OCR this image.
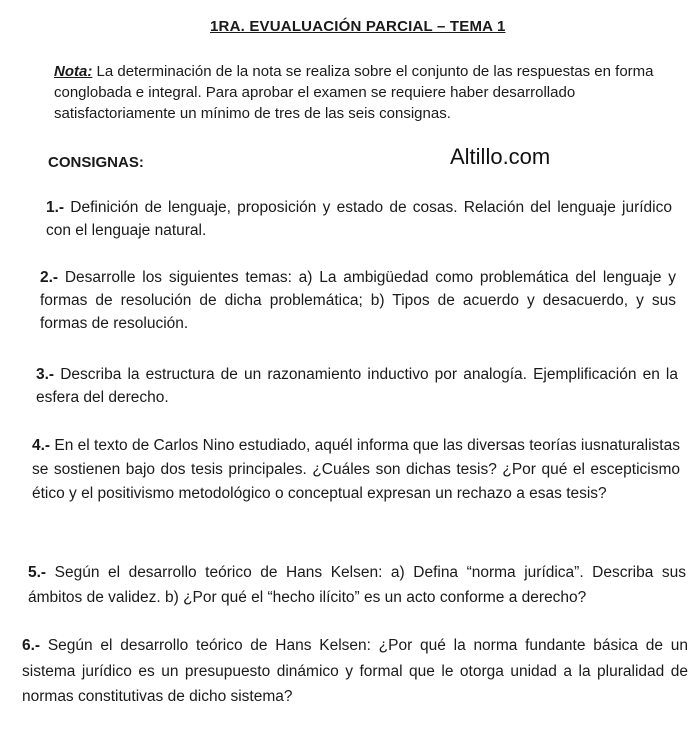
1RA. EVUALUACIÓN PARCIAL – TEMA 1
Nota: La determinación de la nota se realiza sobre el conjunto de las respuestas en forma conglobada e integral. Para aprobar el examen se requiere haber desarrollado satisfactoriamente un mínimo de tres de las seis consignas.
CONSIGNAS:	Altillo.com
1.- Definición de lenguaje, proposición y estado de cosas. Relación del lenguaje jurídico con el lenguaje natural.
2.- Desarrolle los siguientes temas: a) La ambigüedad como problemática del lenguaje y formas de resolución de dicha problemática; b) Tipos de acuerdo y desacuerdo, y sus formas de resolución.
3.- Describa la estructura de un razonamiento inductivo por analogía. Ejemplificación en la esfera del derecho.
4.- En el texto de Carlos Nino estudiado, aquél informa que las diversas teorías iusnaturalistas se sostienen bajo dos tesis principales. ¿Cuáles son dichas tesis? ¿Por qué el escepticismo ético y el positivismo metodológico o conceptual expresan un rechazo a esas tesis?
5.- Según el desarrollo teórico de Hans Kelsen: a) Defina “norma jurídica”. Describa sus ámbitos de validez. b) ¿Por qué el “hecho ilícito” es un acto conforme a derecho?
6.- Según el desarrollo teórico de Hans Kelsen: ¿Por qué la norma fundante básica de un sistema jurídico es un presupuesto dinámico y formal que le otorga unidad a la pluralidad de normas constitutivas de dicho sistema?
